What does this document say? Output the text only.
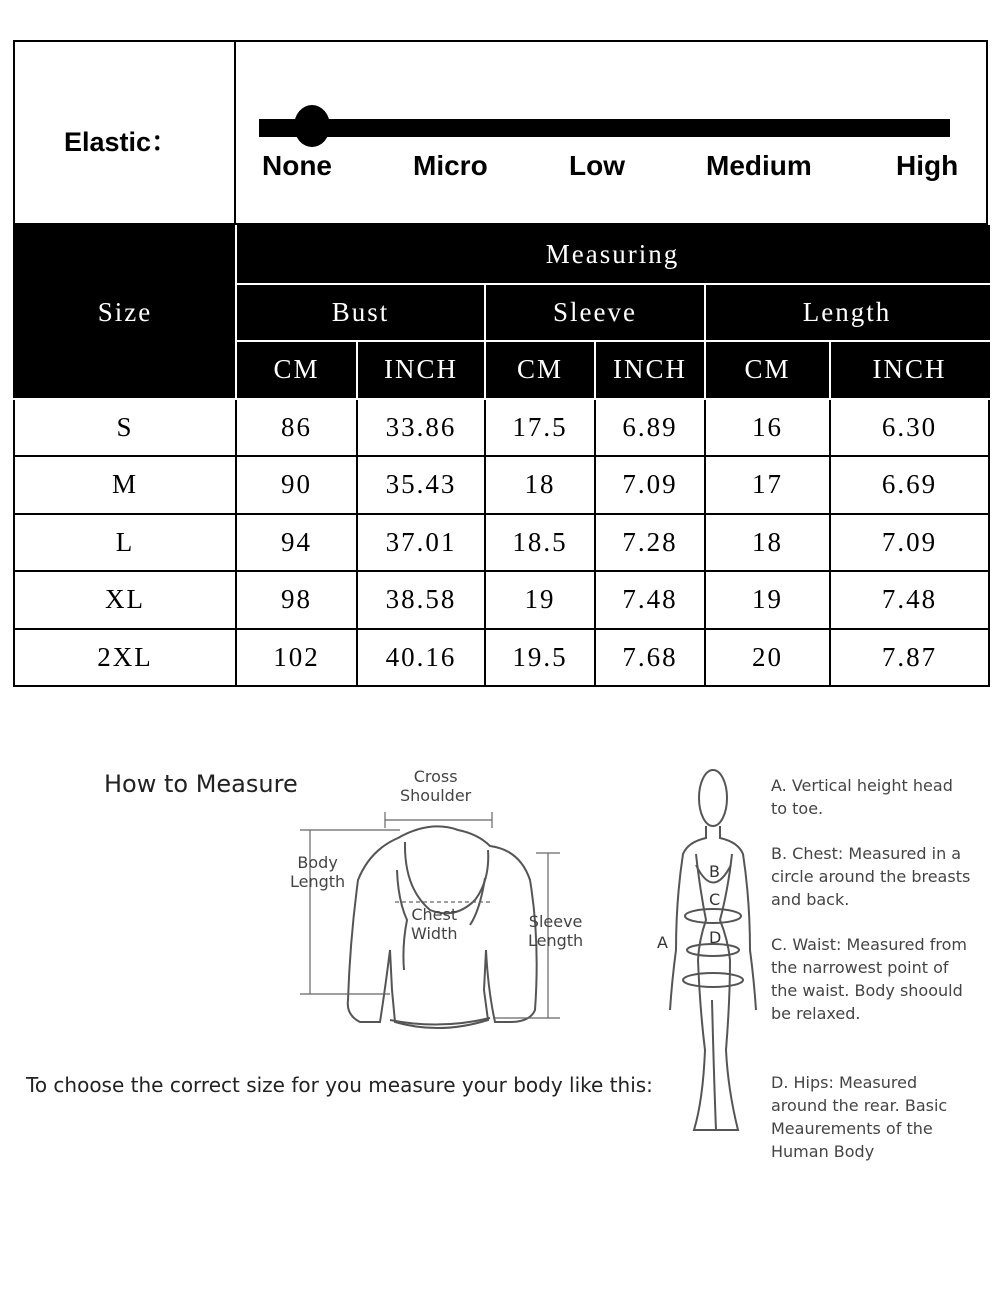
Elastic：
None	Micro	Low	Medium	High
Size	Measuring					
	Bust		Sleeve		Length	
	CM	INCH	CM	INCH	CM	INCH
S	86	33.86	17.5	6.89	16	6.30
M	90	35.43	18	7.09	17	6.69
L	94	37.01	18.5	7.28	18	7.09
XL	98	38.58	19	7.48	19	7.48
2XL	102	40.16	19.5	7.68	20	7.87
How to Measure	Cross
Shoulder
Body
Length
Chest
Width
Sleeve
Length
To choose the correct size for you measure your body like this:
A
B
C
D
A. Vertical height head to toe.
B. Chest: Measured in a circle around the breasts and back.
C. Waist: Measured from the narrowest point of the waist. Body shoould be relaxed.
D. Hips: Measured around the rear. Basic Meaurements of the Human Body
